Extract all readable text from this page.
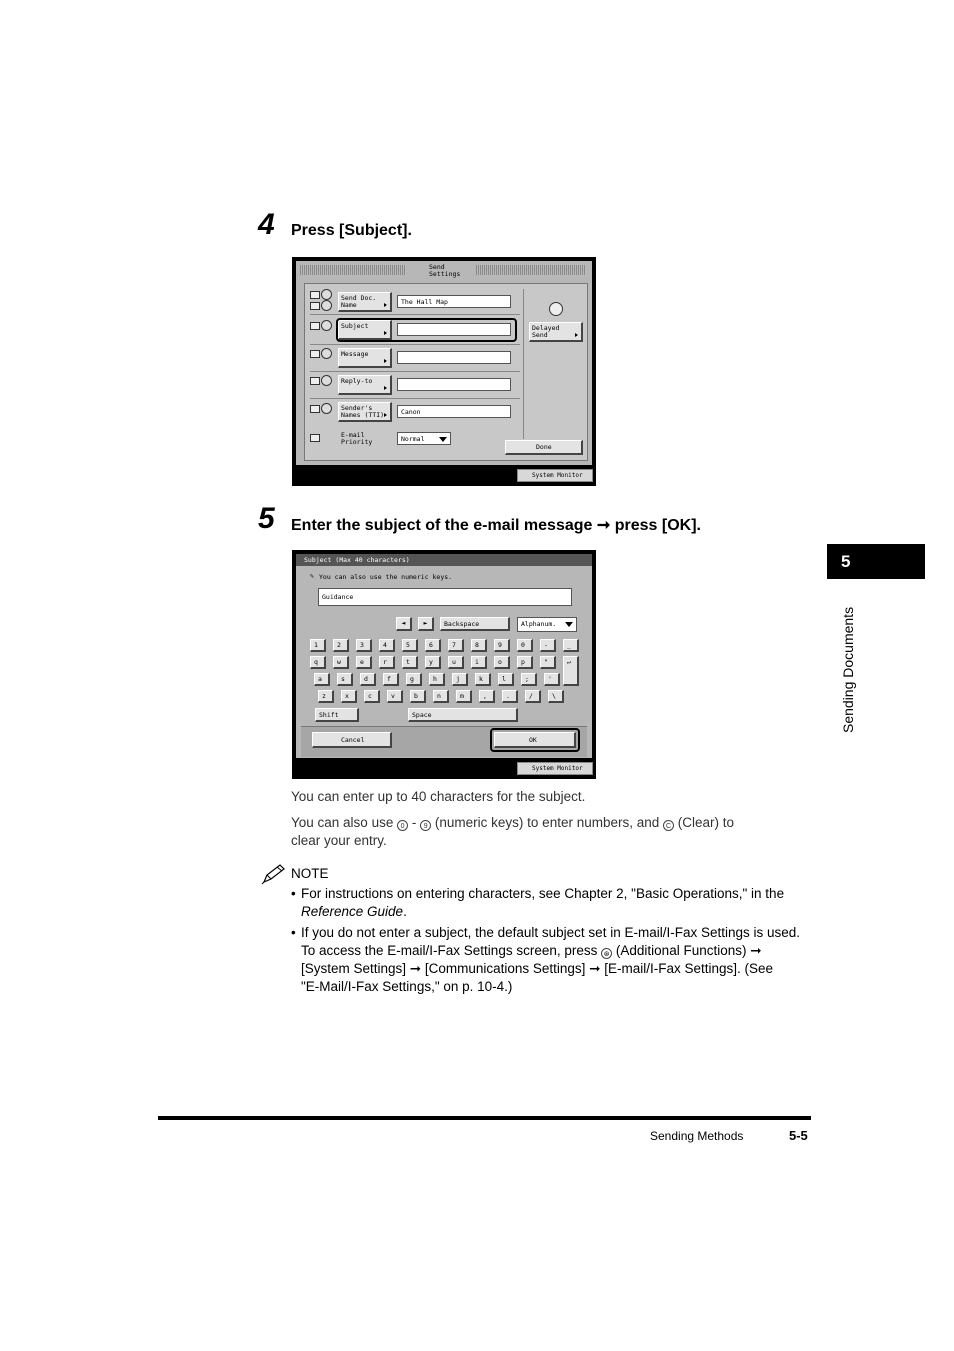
4 Press [Subject].
Send
Settings
Send Doc.
Name	The Hall Map
Subject
Message
Reply-to
Sender's
Names (TTI)	Canon
E-mail
Priority	Normal
Delayed
Send
Done
System Monitor
5 Enter the subject of the e-mail message ➞ press [OK].
Subject (Max 40 characters)
✎ You can also use the numeric keys.
Guidance
◄	►	Backspace	Alphanum.
1	2	3	4	5	6	7	8	9	0	-	_
q	w	e	r	t	y	u	i	o	p	"	↵
a	s	d	f	g	h	j	k	l	;	'
z	x	c	v	b	n	m	,	.	/	\
Shift	Space
Cancel	OK
System Monitor
You can enter up to 40 characters for the subject.
You can also use 0 - 9 (numeric keys) to enter numbers, and C (Clear) to
clear your entry.
NOTE
• For instructions on entering characters, see Chapter 2, "Basic Operations," in the
Reference Guide.
• If you do not enter a subject, the default subject set in E-mail/I-Fax Settings is used.
To access the E-mail/I-Fax Settings screen, press ⊛ (Additional Functions) ➞
[System Settings] ➞ [Communications Settings] ➞ [E-mail/I-Fax Settings]. (See
"E-Mail/I-Fax Settings," on p. 10-4.)
5
Sending Documents
Sending Methods	5-5
